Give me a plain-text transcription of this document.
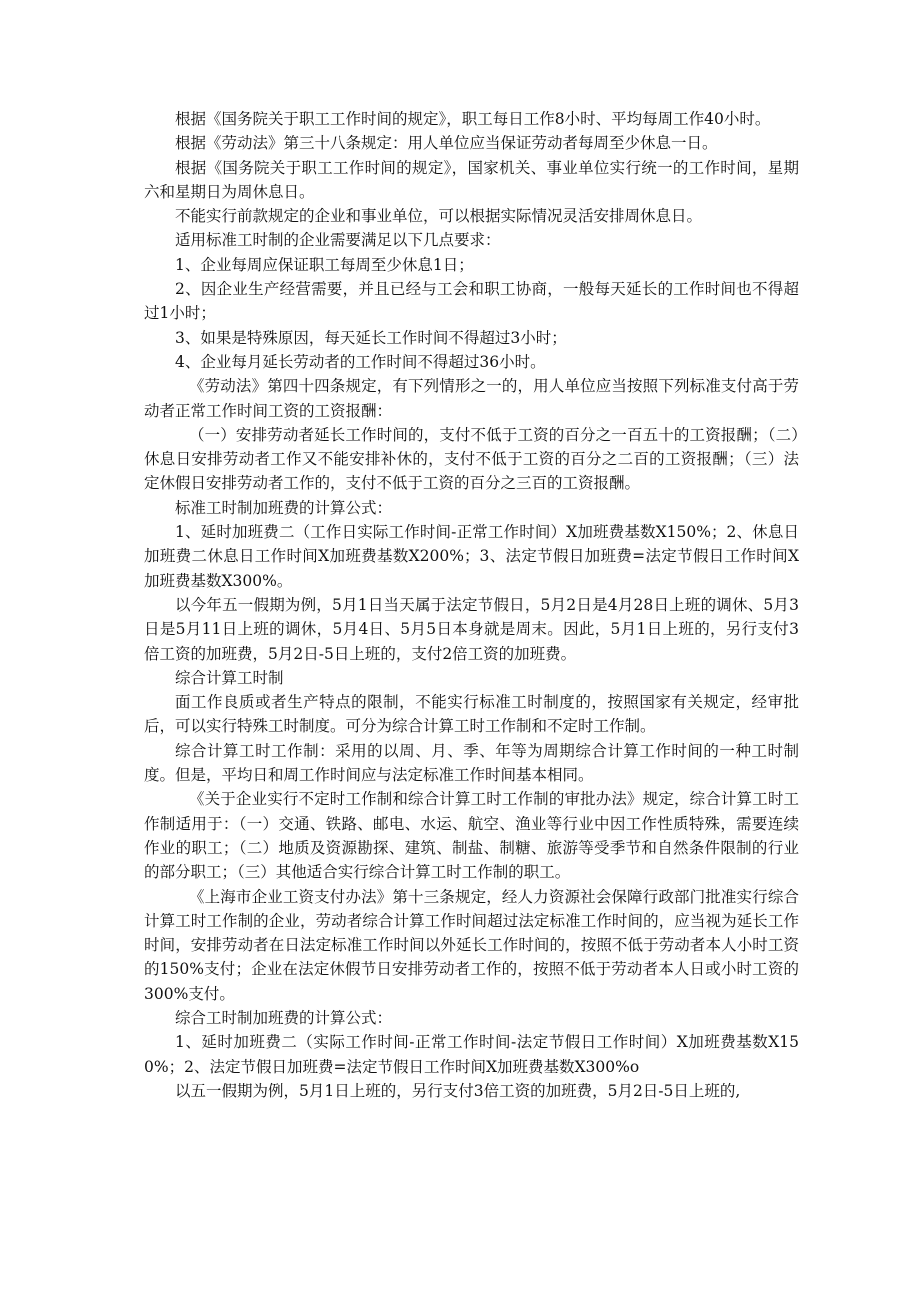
根据《国务院关于职工工作时间的规定》，职工每日工作8小时、平均每周工作40小时。

根据《劳动法》第三十八条规定：用人单位应当保证劳动者每周至少休息一日。

根据《国务院关于职工工作时间的规定》，国家机关、事业单位实行统一的工作时间，星期六和星期日为周休息日。

不能实行前款规定的企业和事业单位，可以根据实际情况灵活安排周休息日。

适用标准工时制的企业需要满足以下几点要求：

1、企业每周应保证职工每周至少休息1日；

2、因企业生产经营需要，并且已经与工会和职工协商，一般每天延长的工作时间也不得超过1小时；

3、如果是特殊原因，每天延长工作时间不得超过3小时；

4、企业每月延长劳动者的工作时间不得超过36小时。

《劳动法》第四十四条规定，有下列情形之一的，用人单位应当按照下列标准支付高于劳动者正常工作时间工资的工资报酬：

（一）安排劳动者延长工作时间的，支付不低于工资的百分之一百五十的工资报酬；（二）休息日安排劳动者工作又不能安排补休的，支付不低于工资的百分之二百的工资报酬；（三）法定休假日安排劳动者工作的，支付不低于工资的百分之三百的工资报酬。

标准工时制加班费的计算公式：

1、延时加班费二（工作日实际工作时间-正常工作时间）X加班费基数X150%；2、休息日加班费二休息日工作时间X加班费基数X200%；3、法定节假日加班费=法定节假日工作时间X加班费基数X300%。

以今年五一假期为例，5月1日当天属于法定节假日，5月2日是4月28日上班的调休、5月3日是5月11日上班的调休，5月4日、5月5日本身就是周末。因此，5月1日上班的，另行支付3倍工资的加班费，5月2日-5日上班的，支付2倍工资的加班费。

综合计算工时制

面工作良质或者生产特点的限制，不能实行标准工时制度的，按照国家有关规定，经审批后，可以实行特殊工时制度。可分为综合计算工时工作制和不定时工作制。

综合计算工时工作制：采用的以周、月、季、年等为周期综合计算工作时间的一种工时制度。但是，平均日和周工作时间应与法定标准工作时间基本相同。

《关于企业实行不定时工作制和综合计算工时工作制的审批办法》规定，综合计算工时工作制适用于：（一）交通、铁路、邮电、水运、航空、渔业等行业中因工作性质特殊，需要连续作业的职工；（二）地质及资源勘探、建筑、制盐、制糖、旅游等受季节和自然条件限制的行业的部分职工；（三）其他适合实行综合计算工时工作制的职工。

《上海市企业工资支付办法》第十三条规定，经人力资源社会保障行政部门批准实行综合计算工时工作制的企业，劳动者综合计算工作时间超过法定标准工作时间的，应当视为延长工作时间，安排劳动者在日法定标准工作时间以外延长工作时间的，按照不低于劳动者本人小时工资的150%支付；企业在法定休假节日安排劳动者工作的，按照不低于劳动者本人日或小时工资的300%支付。

综合工时制加班费的计算公式：

1、延时加班费二（实际工作时间-正常工作时间-法定节假日工作时间）X加班费基数X150%；2、法定节假日加班费=法定节假日工作时间X加班费基数X300%o

以五一假期为例，5月1日上班的，另行支付3倍工资的加班费，5月2日-5日上班的,
